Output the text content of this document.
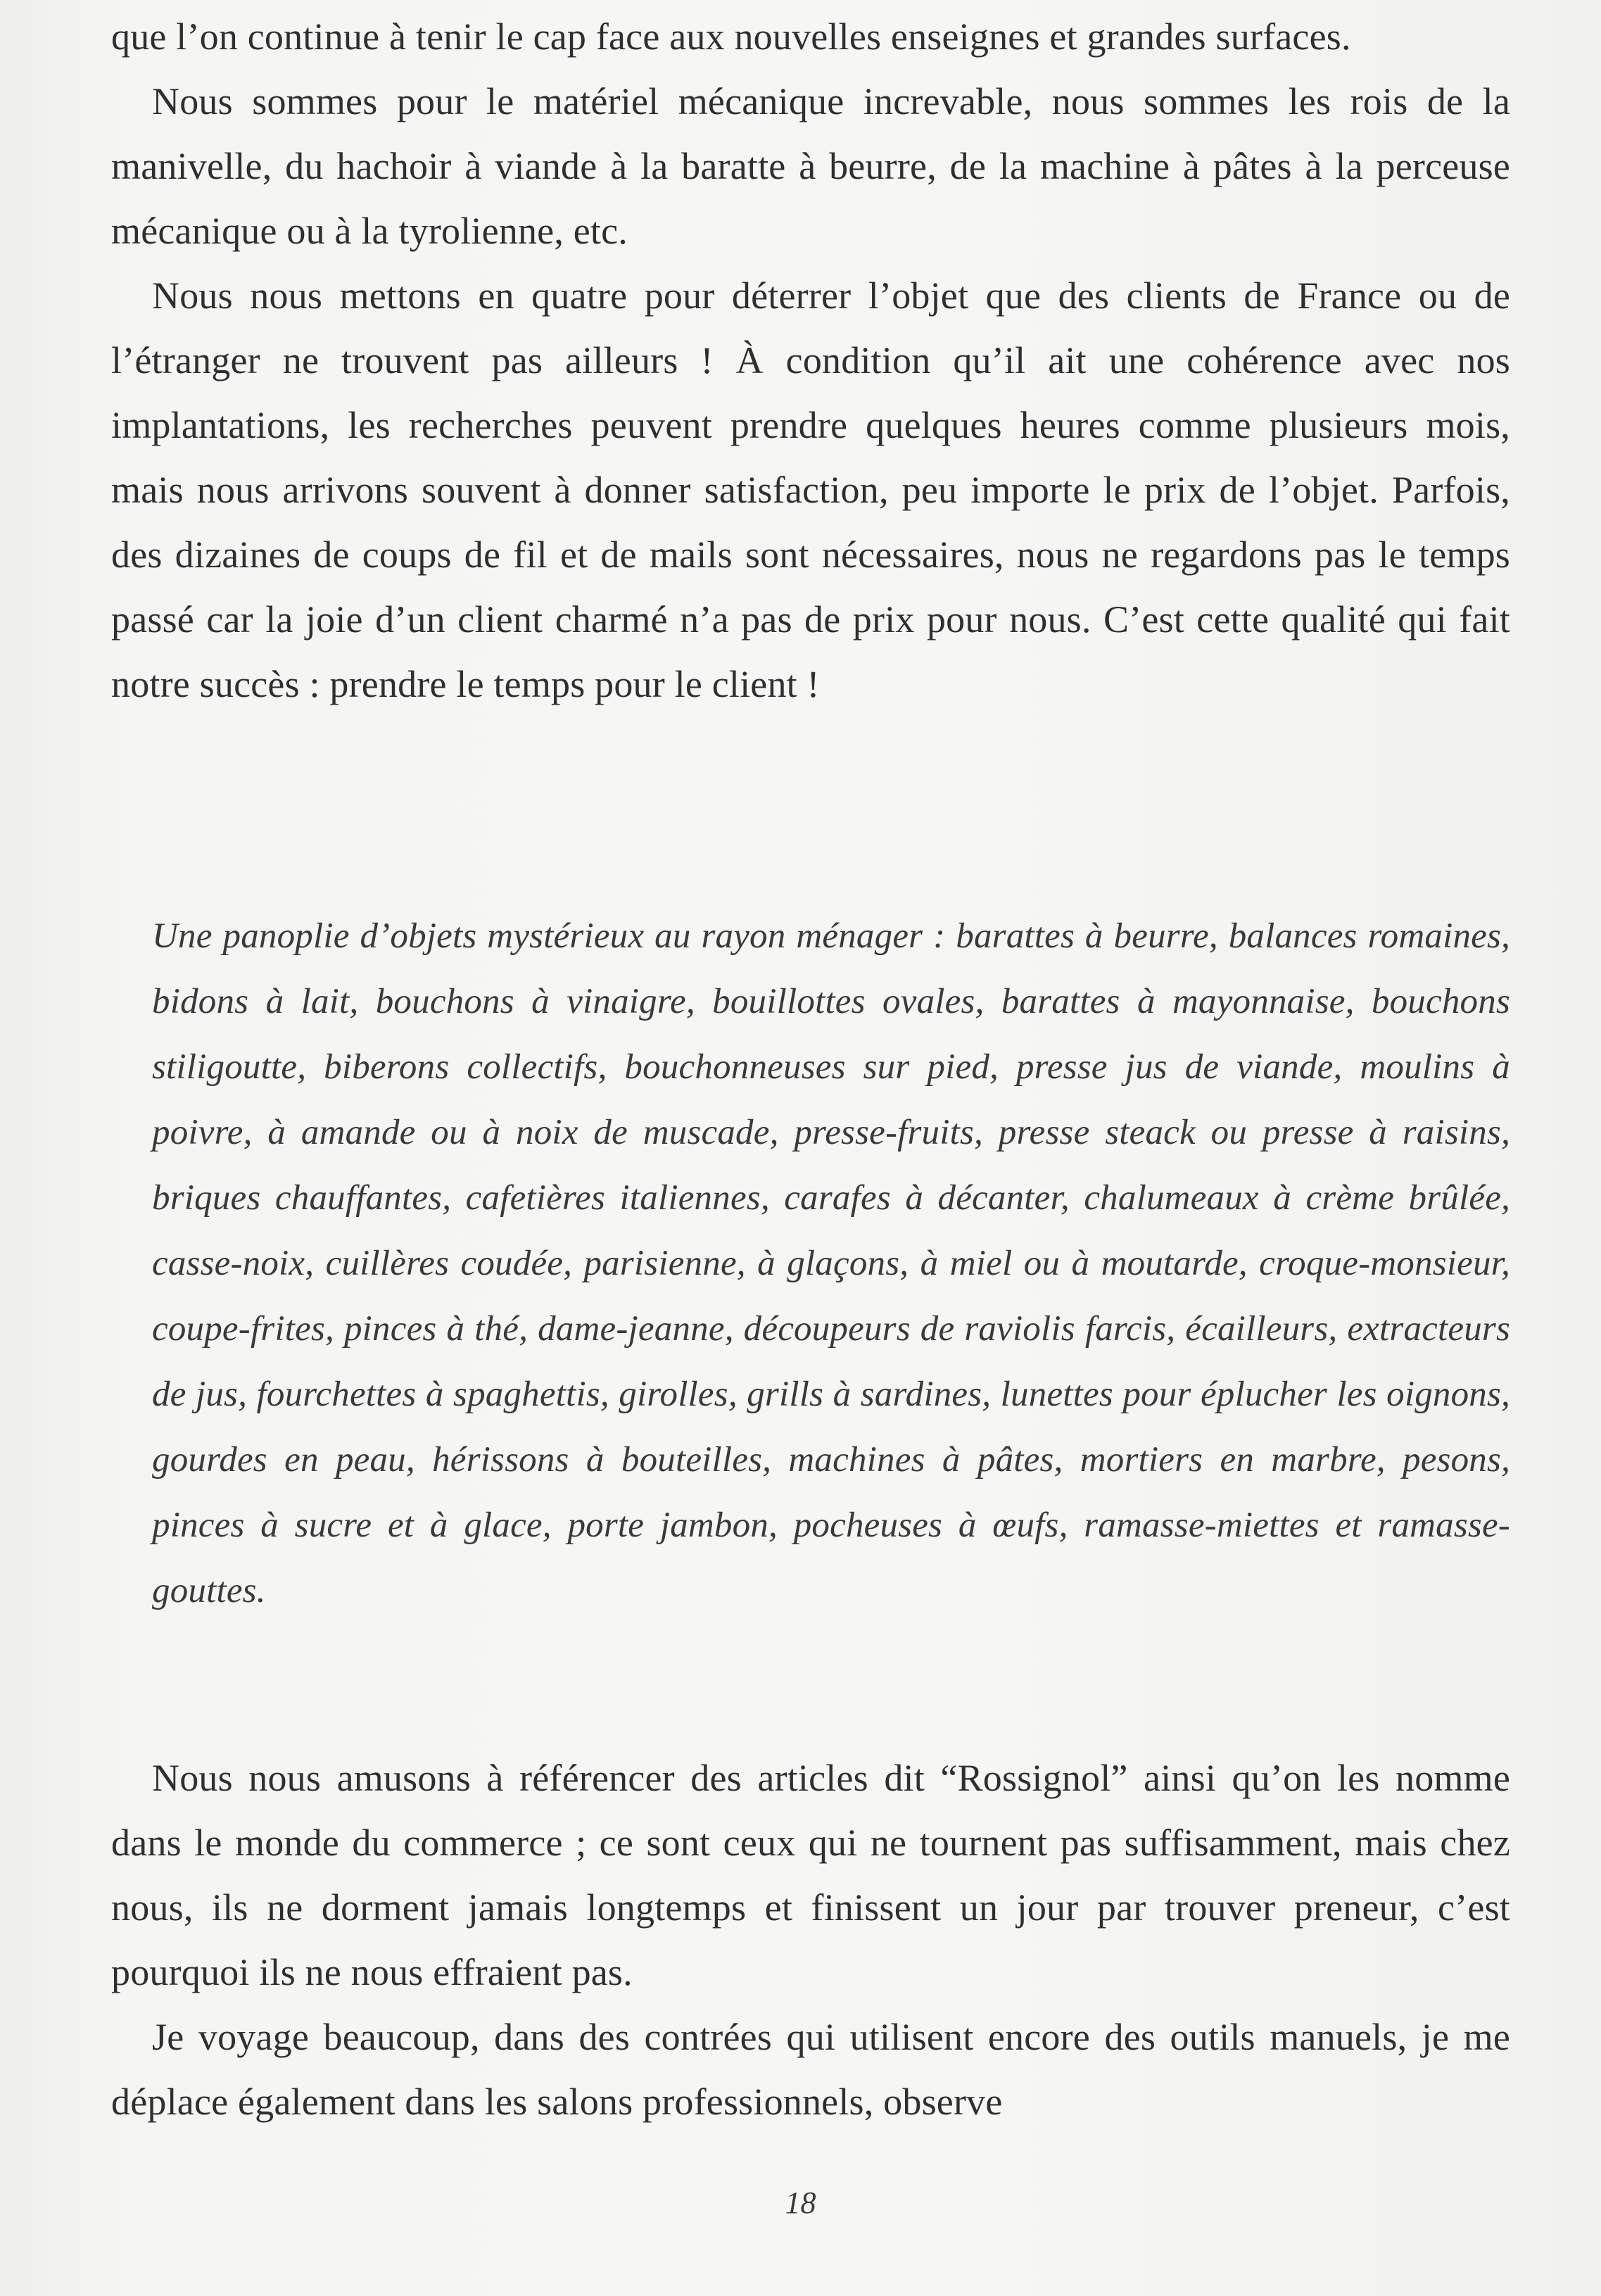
que l’on continue à tenir le cap face aux nouvelles enseignes et grandes surfaces.

Nous sommes pour le matériel mécanique increvable, nous sommes les rois de la manivelle, du hachoir à viande à la baratte à beurre, de la machine à pâtes à la perceuse mécanique ou à la tyrolienne, etc.

Nous nous mettons en quatre pour déterrer l’objet que des clients de France ou de l’étranger ne trouvent pas ailleurs ! À condition qu’il ait une cohérence avec nos implantations, les recherches peuvent prendre quelques heures comme plusieurs mois, mais nous arrivons souvent à donner satisfaction, peu importe le prix de l’objet. Parfois, des dizaines de coups de fil et de mails sont nécessaires, nous ne regardons pas le temps passé car la joie d’un client charmé n’a pas de prix pour nous. C’est cette qualité qui fait notre succès : prendre le temps pour le client !

Une panoplie d’objets mystérieux au rayon ménager : barattes à beurre, balances romaines, bidons à lait, bouchons à vinaigre, bouillottes ovales, barattes à mayonnaise, bouchons stiligoutte, biberons collectifs, bouchonneuses sur pied, presse jus de viande, moulins à poivre, à amande ou à noix de muscade, presse-fruits, presse steack ou presse à raisins, briques chauffantes, cafetières italiennes, carafes à décanter, chalumeaux à crème brûlée, casse-noix, cuillères coudée, parisienne, à glaçons, à miel ou à moutarde, croque-monsieur, coupe-frites, pinces à thé, dame-jeanne, découpeurs de raviolis farcis, écailleurs, extracteurs de jus, fourchettes à spaghettis, girolles, grills à sardines, lunettes pour éplucher les oignons, gourdes en peau, hérissons à bouteilles, machines à pâtes, mortiers en marbre, pesons, pinces à sucre et à glace, porte jambon, pocheuses à œufs, ramasse-miettes et ramasse-gouttes.

Nous nous amusons à référencer des articles dit “Rossignol” ainsi qu’on les nomme dans le monde du commerce ; ce sont ceux qui ne tournent pas suffisamment, mais chez nous, ils ne dorment jamais longtemps et finissent un jour par trouver preneur, c’est pourquoi ils ne nous effraient pas.

Je voyage beaucoup, dans des contrées qui utilisent encore des outils manuels, je me déplace également dans les salons professionnels, observe

18
